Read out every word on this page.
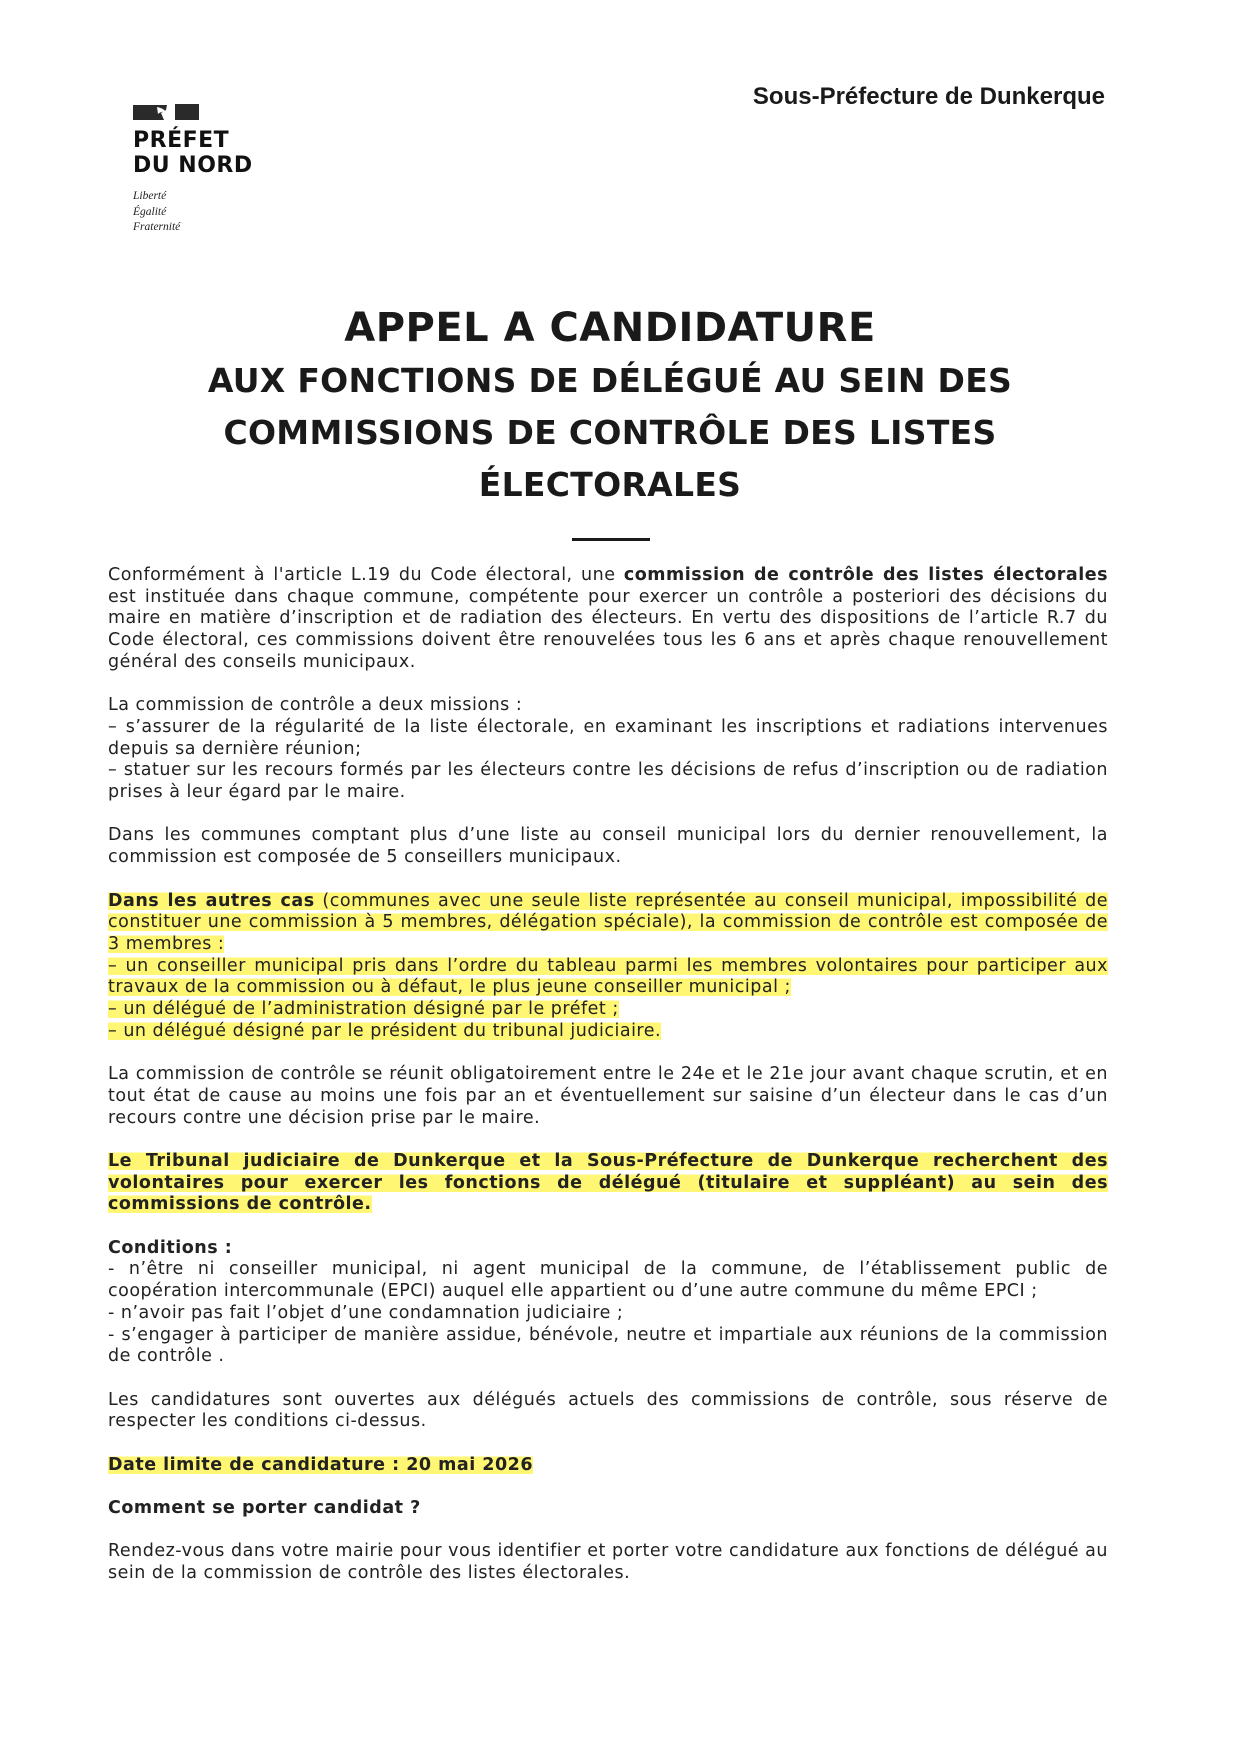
PRÉFET
DU NORD
Liberté
Égalité
Fraternité
Sous-Préfecture de Dunkerque
APPEL A CANDIDATURE
AUX FONCTIONS DE DÉLÉGUÉ AU SEIN DES
COMMISSIONS DE CONTRÔLE DES LISTES
ÉLECTORALES

Conformément à l'article L.19 du Code électoral, une commission de contrôle des listes électorales est instituée dans chaque commune, compétente pour exercer un contrôle a posteriori des décisions du maire en matière d’inscription et de radiation des électeurs. En vertu des dispositions de l’article R.7 du Code électoral, ces commissions doivent être renouvelées tous les 6 ans et après chaque renouvellement général des conseils municipaux.

La commission de contrôle a deux missions :
– s’assurer de la régularité de la liste électorale, en examinant les inscriptions et radiations intervenues depuis sa dernière réunion;
– statuer sur les recours formés par les électeurs contre les décisions de refus d’inscription ou de radiation prises à leur égard par le maire.

Dans les communes comptant plus d’une liste au conseil municipal lors du dernier renouvellement, la commission est composée de 5 conseillers municipaux.

Dans les autres cas (communes avec une seule liste représentée au conseil municipal, impossibilité de constituer une commission à 5 membres, délégation spéciale), la commission de contrôle est composée de 3 membres :
– un conseiller municipal pris dans l’ordre du tableau parmi les membres volontaires pour participer aux travaux de la commission ou à défaut, le plus jeune conseiller municipal ;
– un délégué de l’administration désigné par le préfet ;
– un délégué désigné par le président du tribunal judiciaire.

La commission de contrôle se réunit obligatoirement entre le 24e et le 21e jour avant chaque scrutin, et en tout état de cause au moins une fois par an et éventuellement sur saisine d’un électeur dans le cas d’un recours contre une décision prise par le maire.

Le Tribunal judiciaire de Dunkerque et la Sous-Préfecture de Dunkerque recherchent des volontaires pour exercer les fonctions de délégué (titulaire et suppléant) au sein des commissions de contrôle.

Conditions :
- n’être ni conseiller municipal, ni agent municipal de la commune, de l’établissement public de coopération intercommunale (EPCI) auquel elle appartient ou d’une autre commune du même EPCI ;
- n’avoir pas fait l’objet d’une condamnation judiciaire ;
- s’engager à participer de manière assidue, bénévole, neutre et impartiale aux réunions de la commission de contrôle .

Les candidatures sont ouvertes aux délégués actuels des commissions de contrôle, sous réserve de respecter les conditions ci-dessus.

Date limite de candidature : 20 mai 2026

Comment se porter candidat ?

Rendez-vous dans votre mairie pour vous identifier et porter votre candidature aux fonctions de délégué au sein de la commission de contrôle des listes électorales.
